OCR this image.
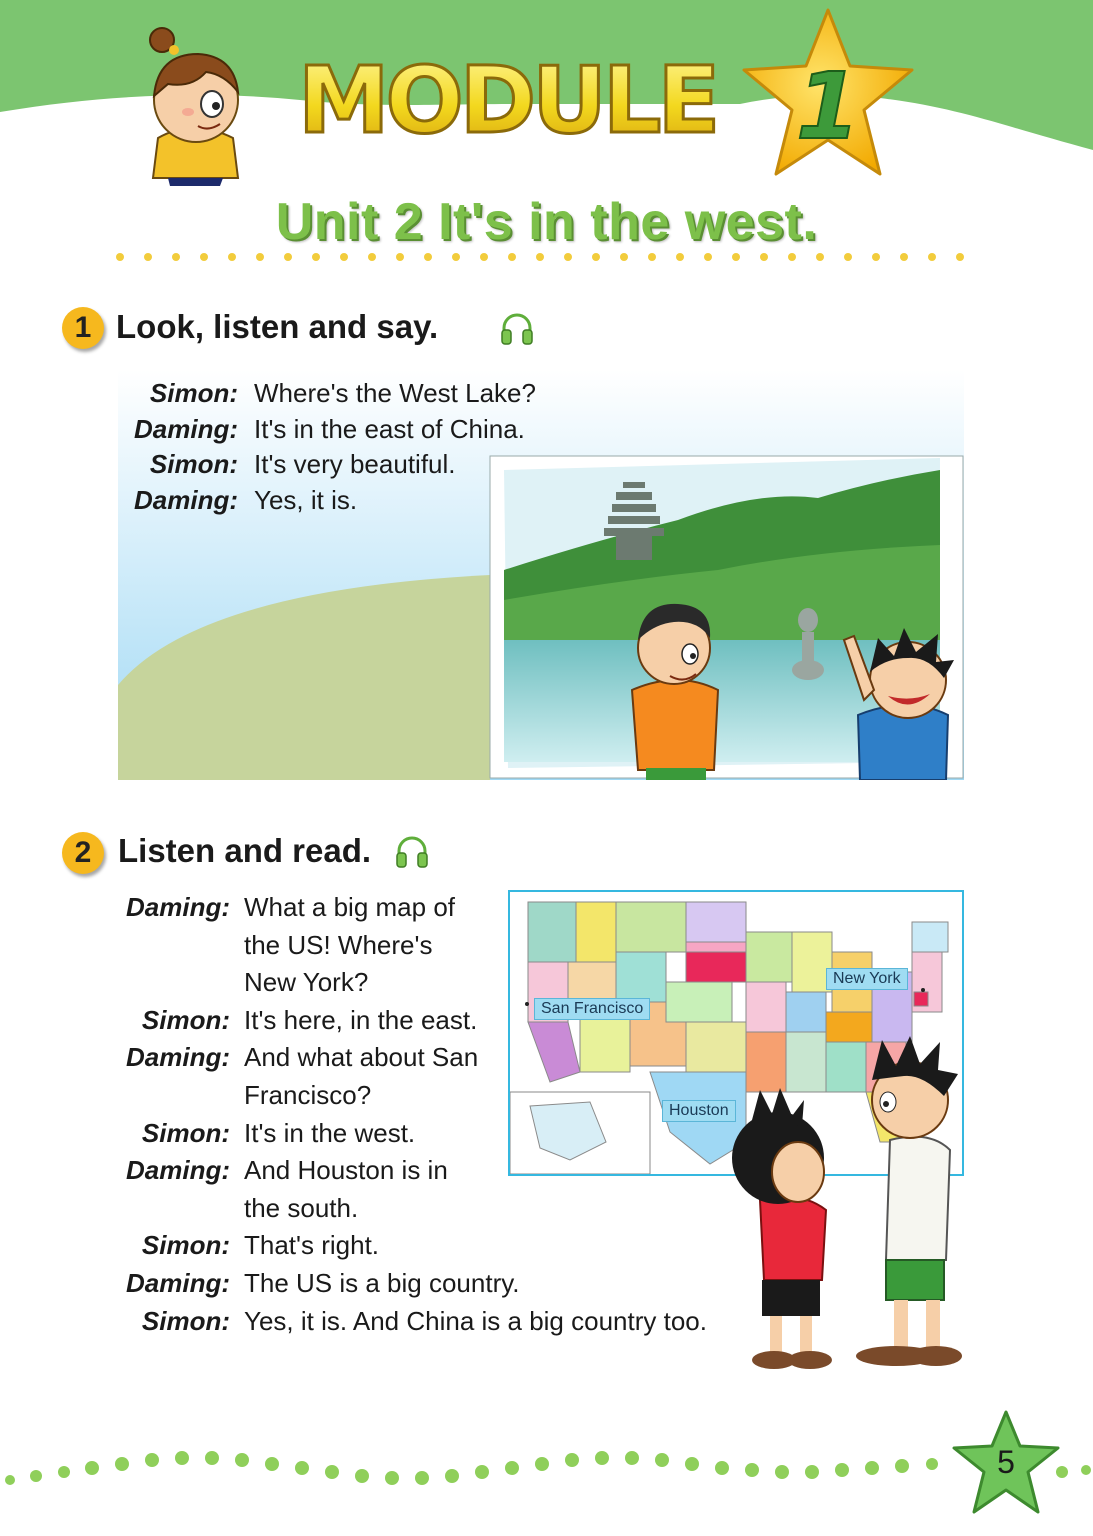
MODULE 1
Unit 2 It's in the west.
1 Look, listen and say.
Simon: Where's the West Lake?
Daming: It's in the east of China.
Simon: It's very beautiful.
Daming: Yes, it is.
2 Listen and read.
New York
San Francisco
Houston
Daming: What a big map of
the US! Where's
New York?
Simon: It's here, in the east.
Daming: And what about San
Francisco?
Simon: It's in the west.
Daming: And Houston is in
the south.
Simon: That's right.
Daming: The US is a big country.
Simon: Yes, it is. And China is a big country too.
5
